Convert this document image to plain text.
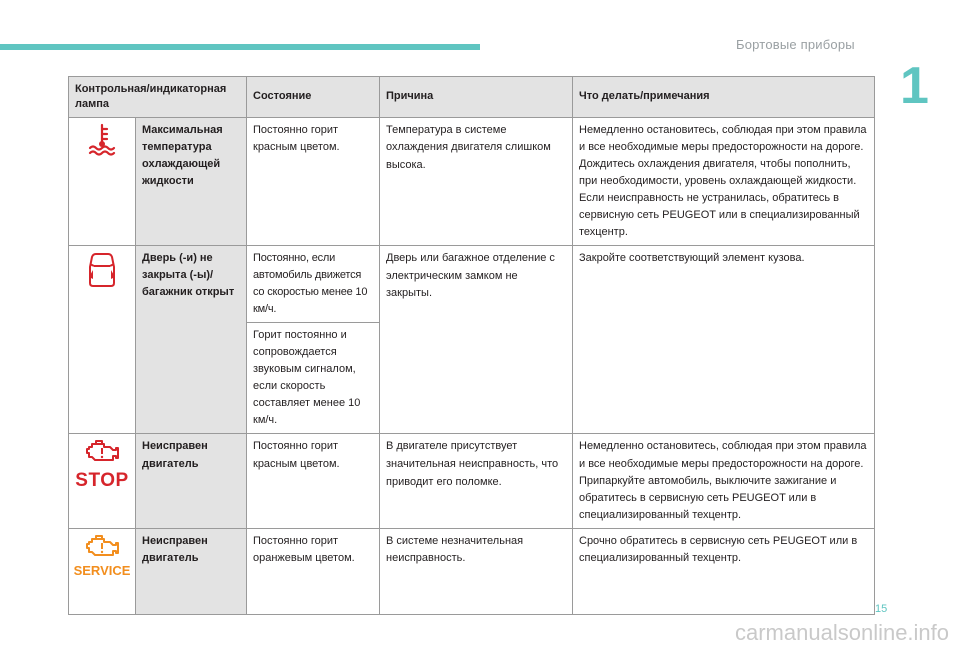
Бортовые приборы
1
Контрольная/индикаторная лампа		Состояние	Причина	Что делать/примечания

	Максимальная температура охлаждающей жидкости	Постоянно горит красным цветом.	Температура в системе охлаждения двигателя слишком высока.	Немедленно остановитесь, соблюдая при этом правила и все необходимые меры предосторожности на дороге.
Дождитесь охлаждения двигателя, чтобы пополнить, при необходимости, уровень охлаждающей жидкости.
Если неисправность не устранилась, обратитесь в сервисную сеть PEUGEOT или в специализированный техцентр.

	Дверь (-и) не закрыта (-ы)/багажник открыт	Постоянно, если автомобиль движется со скоростью менее 10 км/ч.	Дверь или багажное отделение с электрическим замком не закрыты.	Закройте соответствующий элемент кузова.
		Горит постоянно и сопровождается звуковым сигналом, если скорость составляет менее 10 км/ч.		

STOP	Неисправен двигатель	Постоянно горит красным цветом.	В двигателе присутствует значительная неисправность, что приводит его поломке.	Немедленно остановитесь, соблюдая при этом правила и все необходимые меры предосторожности на дороге.
Припаркуйте автомобиль, выключите зажигание и обратитесь в сервисную сеть PEUGEOT или в специализированный техцентр.

SERVICE	Неисправен двигатель	Постоянно горит оранжевым цветом.	В системе незначительная неисправность.	Срочно обратитесь в сервисную сеть PEUGEOT или в специализированный техцентр.
15
carmanualsonline.info
